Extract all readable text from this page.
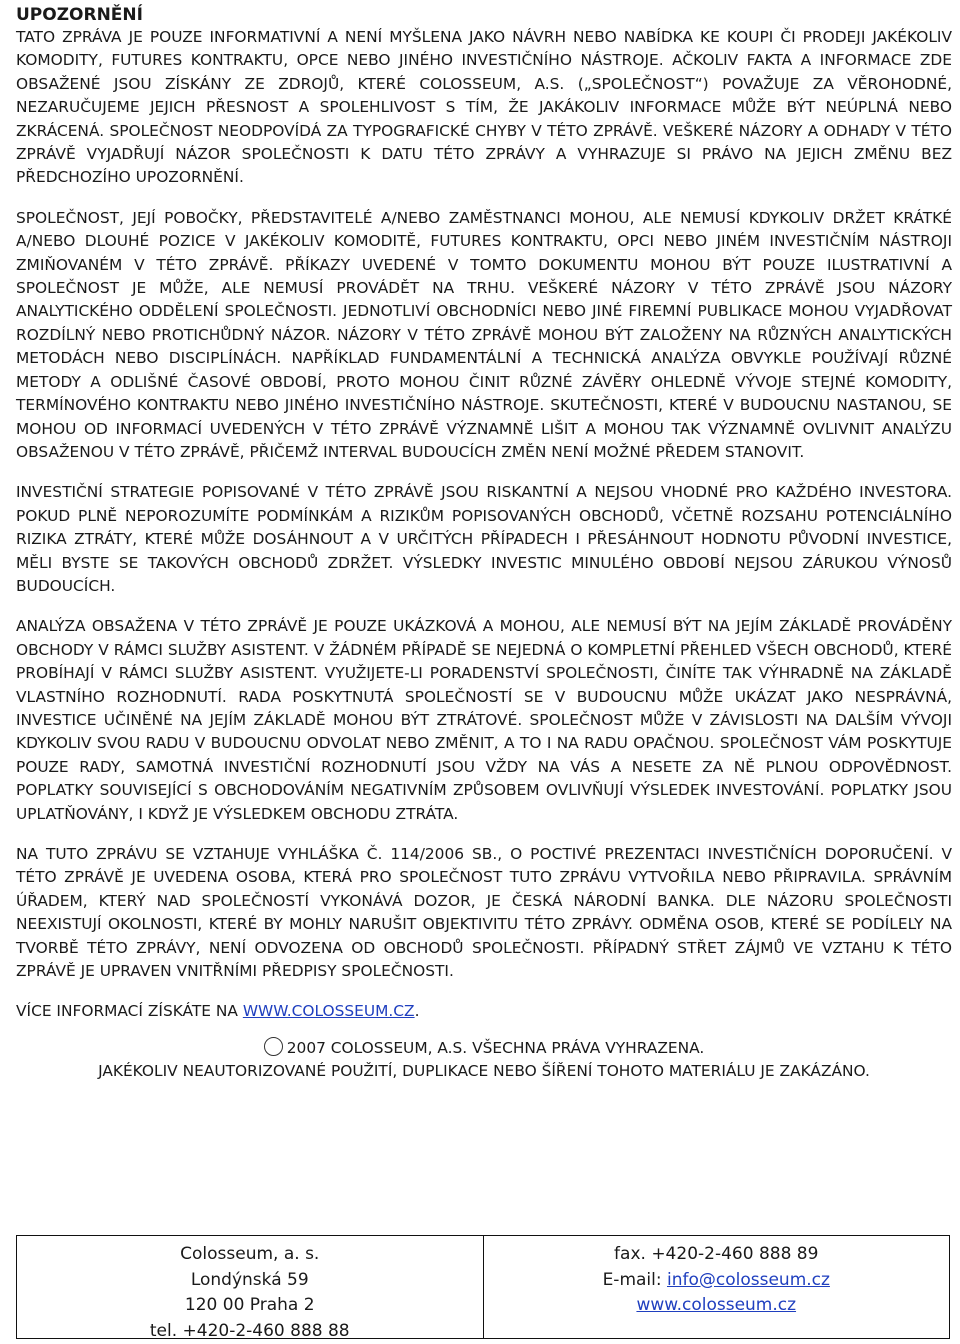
UPOZORNĚNÍ

TATO ZPRÁVA JE POUZE INFORMATIVNÍ A NENÍ MYŠLENA JAKO NÁVRH NEBO NABÍDKA KE KOUPI ČI PRODEJI JAKÉKOLIV KOMODITY, FUTURES KONTRAKTU, OPCE NEBO JINÉHO INVESTIČNÍHO NÁSTROJE. AČKOLIV FAKTA A INFORMACE ZDE OBSAŽENÉ JSOU ZÍSKÁNY ZE ZDROJŮ, KTERÉ COLOSSEUM, A.S. („SPOLEČNOST“) POVAŽUJE ZA VĚROHODNÉ, NEZARUČUJEME JEJICH PŘESNOST A SPOLEHLIVOST S TÍM, ŽE JAKÁKOLIV INFORMACE MŮŽE BÝT NEÚPLNÁ NEBO ZKRÁCENÁ. SPOLEČNOST NEODPOVÍDÁ ZA TYPOGRAFICKÉ CHYBY V TÉTO ZPRÁVĚ. VEŠKERÉ NÁZORY A ODHADY V TÉTO ZPRÁVĚ VYJADŘUJÍ NÁZOR SPOLEČNOSTI K DATU TÉTO ZPRÁVY A VYHRAZUJE SI PRÁVO NA JEJICH ZMĚNU BEZ PŘEDCHOZÍHO UPOZORNĚNÍ.

SPOLEČNOST, JEJÍ POBOČKY, PŘEDSTAVITELÉ A/NEBO ZAMĚSTNANCI MOHOU, ALE NEMUSÍ KDYKOLIV DRŽET KRÁTKÉ A/NEBO DLOUHÉ POZICE V JAKÉKOLIV KOMODITĚ, FUTURES KONTRAKTU, OPCI NEBO JINÉM INVESTIČNÍM NÁSTROJI ZMIŇOVANÉM V TÉTO ZPRÁVĚ. PŘÍKAZY UVEDENÉ V TOMTO DOKUMENTU MOHOU BÝT POUZE ILUSTRATIVNÍ A SPOLEČNOST JE MŮŽE, ALE NEMUSÍ PROVÁDĚT NA TRHU. VEŠKERÉ NÁZORY V TÉTO ZPRÁVĚ JSOU NÁZORY ANALYTICKÉHO ODDĚLENÍ SPOLEČNOSTI. JEDNOTLIVÍ OBCHODNÍCI NEBO JINÉ FIREMNÍ PUBLIKACE MOHOU VYJADŘOVAT ROZDÍLNÝ NEBO PROTICHŮDNÝ NÁZOR. NÁZORY V TÉTO ZPRÁVĚ MOHOU BÝT ZALOŽENY NA RŮZNÝCH ANALYTICKÝCH METODÁCH NEBO DISCIPLÍNÁCH. NAPŘÍKLAD FUNDAMENTÁLNÍ A TECHNICKÁ ANALÝZA OBVYKLE POUŽÍVAJÍ RŮZNÉ METODY A ODLIŠNÉ ČASOVÉ OBDOBÍ, PROTO MOHOU ČINIT RŮZNÉ ZÁVĚRY OHLEDNĚ VÝVOJE STEJNÉ KOMODITY, TERMÍNOVÉHO KONTRAKTU NEBO JINÉHO INVESTIČNÍHO NÁSTROJE. SKUTEČNOSTI, KTERÉ V BUDOUCNU NASTANOU, SE MOHOU OD INFORMACÍ UVEDENÝCH V TÉTO ZPRÁVĚ VÝZNAMNĚ LIŠIT A MOHOU TAK VÝZNAMNĚ OVLIVNIT ANALÝZU OBSAŽENOU V TÉTO ZPRÁVĚ, PŘIČEMŽ INTERVAL BUDOUCÍCH ZMĚN NENÍ MOŽNÉ PŘEDEM STANOVIT.

INVESTIČNÍ STRATEGIE POPISOVANÉ V TÉTO ZPRÁVĚ JSOU RISKANTNÍ A NEJSOU VHODNÉ PRO KAŽDÉHO INVESTORA. POKUD PLNĚ NEPOROZUMÍTE PODMÍNKÁM A RIZIKŮM POPISOVANÝCH OBCHODŮ, VČETNĚ ROZSAHU POTENCIÁLNÍHO RIZIKA ZTRÁTY, KTERÉ MŮŽE DOSÁHNOUT A V URČITÝCH PŘÍPADECH I PŘESÁHNOUT HODNOTU PŮVODNÍ INVESTICE, MĚLI BYSTE SE TAKOVÝCH OBCHODŮ ZDRŽET. VÝSLEDKY INVESTIC MINULÉHO OBDOBÍ NEJSOU ZÁRUKOU VÝNOSŮ BUDOUCÍCH.

ANALÝZA OBSAŽENA V TÉTO ZPRÁVĚ JE POUZE UKÁZKOVÁ A MOHOU, ALE NEMUSÍ BÝT NA JEJÍM ZÁKLADĚ PROVÁDĚNY OBCHODY V RÁMCI SLUŽBY ASISTENT. V ŽÁDNÉM PŘÍPADĚ SE NEJEDNÁ O KOMPLETNÍ PŘEHLED VŠECH OBCHODŮ, KTERÉ PROBÍHAJÍ V RÁMCI SLUŽBY ASISTENT. VYUŽIJETE-LI PORADENSTVÍ SPOLEČNOSTI, ČINÍTE TAK VÝHRADNĚ NA ZÁKLADĚ VLASTNÍHO ROZHODNUTÍ. RADA POSKYTNUTÁ SPOLEČNOSTÍ SE V BUDOUCNU MŮŽE UKÁZAT JAKO NESPRÁVNÁ, INVESTICE UČINĚNÉ NA JEJÍM ZÁKLADĚ MOHOU BÝT ZTRÁTOVÉ. SPOLEČNOST MŮŽE V ZÁVISLOSTI NA DALŠÍM VÝVOJI KDYKOLIV SVOU RADU V BUDOUCNU ODVOLAT NEBO ZMĚNIT, A TO I NA RADU OPAČNOU. SPOLEČNOST VÁM POSKYTUJE POUZE RADY, SAMOTNÁ INVESTIČNÍ ROZHODNUTÍ JSOU VŽDY NA VÁS A NESETE ZA NĚ PLNOU ODPOVĚDNOST. POPLATKY SOUVISEJÍCÍ S OBCHODOVÁNÍM NEGATIVNÍM ZPŮSOBEM OVLIVŇUJÍ VÝSLEDEK INVESTOVÁNÍ. POPLATKY JSOU UPLATŇOVÁNY, I KDYŽ JE VÝSLEDKEM OBCHODU ZTRÁTA.

NA TUTO ZPRÁVU SE VZTAHUJE VYHLÁŠKA Č. 114/2006 SB., O POCTIVÉ PREZENTACI INVESTIČNÍCH DOPORUČENÍ. V TÉTO ZPRÁVĚ JE UVEDENA OSOBA, KTERÁ PRO SPOLEČNOST TUTO ZPRÁVU VYTVOŘILA NEBO PŘIPRAVILA. SPRÁVNÍM ÚŘADEM, KTERÝ NAD SPOLEČNOSTÍ VYKONÁVÁ DOZOR, JE ČESKÁ NÁRODNÍ BANKA. DLE NÁZORU SPOLEČNOSTI NEEXISTUJÍ OKOLNOSTI, KTERÉ BY MOHLY NARUŠIT OBJEKTIVITU TÉTO ZPRÁVY. ODMĚNA OSOB, KTERÉ SE PODÍLELY NA TVORBĚ TÉTO ZPRÁVY, NENÍ ODVOZENA OD OBCHODŮ SPOLEČNOSTI. PŘÍPADNÝ STŘET ZÁJMŮ VE VZTAHU K TÉTO ZPRÁVĚ JE UPRAVEN VNITŘNÍMI PŘEDPISY SPOLEČNOSTI.

VÍCE INFORMACÍ ZÍSKÁTE NA WWW.COLOSSEUM.CZ.

2007 COLOSSEUM, A.S. VŠECHNA PRÁVA VYHRAZENA.
JAKÉKOLIV NEAUTORIZOVANÉ POUŽITÍ, DUPLIKACE NEBO ŠÍŘENÍ TOHOTO MATERIÁLU JE ZAKÁZÁNO.
Colosseum, a. s.
Londýnská 59
120 00 Praha 2
tel. +420-2-460 888 88
fax. +420-2-460 888 89
E-mail: info@colosseum.cz
www.colosseum.cz
